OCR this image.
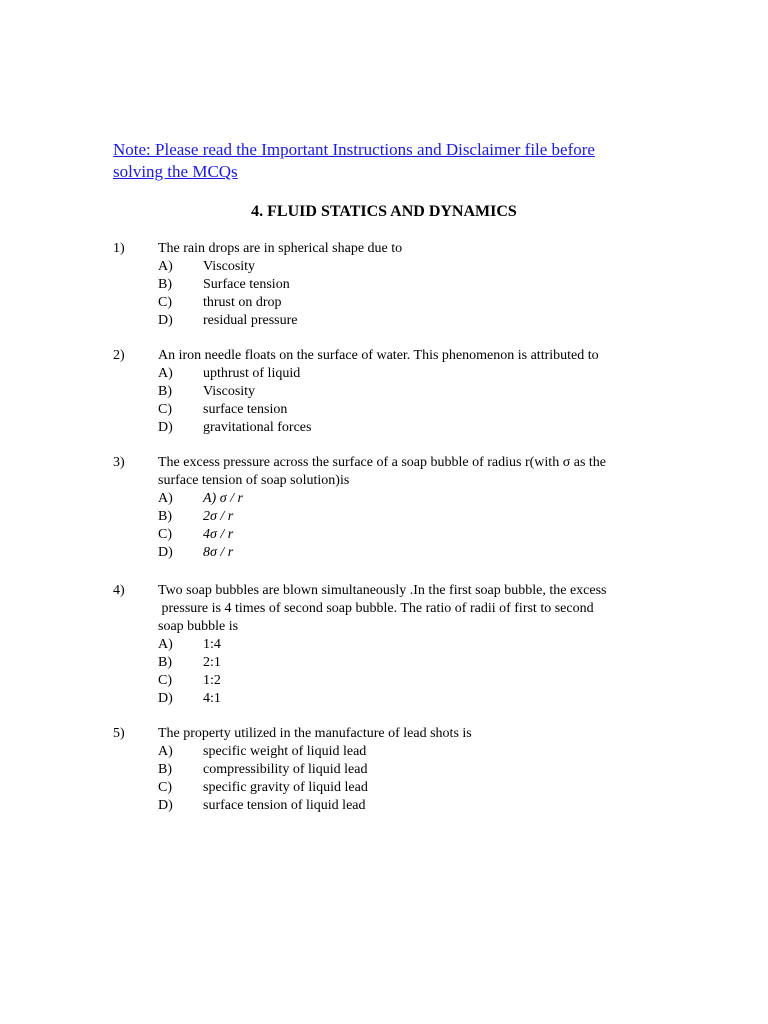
Note: Please read the Important Instructions and Disclaimer file before
solving the MCQs
4. FLUID STATICS AND DYNAMICS
1) The rain drops are in spherical shape due to
A) Viscosity
B) Surface tension
C) thrust on drop
D) residual pressure
2) An iron needle floats on the surface of water. This phenomenon is attributed to
A) upthrust of liquid
B) Viscosity
C) surface tension
D) gravitational forces
3) The excess pressure across the surface of a soap bubble of radius r(with σ as the
surface tension of soap solution)is
A) A) σ / r
B) 2σ / r
C) 4σ / r
D) 8σ / r
4) Two soap bubbles are blown simultaneously .In the first soap bubble, the excess
pressure is 4 times of second soap bubble. The ratio of radii of first to second
soap bubble is
A) 1:4
B) 2:1
C) 1:2
D) 4:1
5) The property utilized in the manufacture of lead shots is
A) specific weight of liquid lead
B) compressibility of liquid lead
C) specific gravity of liquid lead
D) surface tension of liquid lead
